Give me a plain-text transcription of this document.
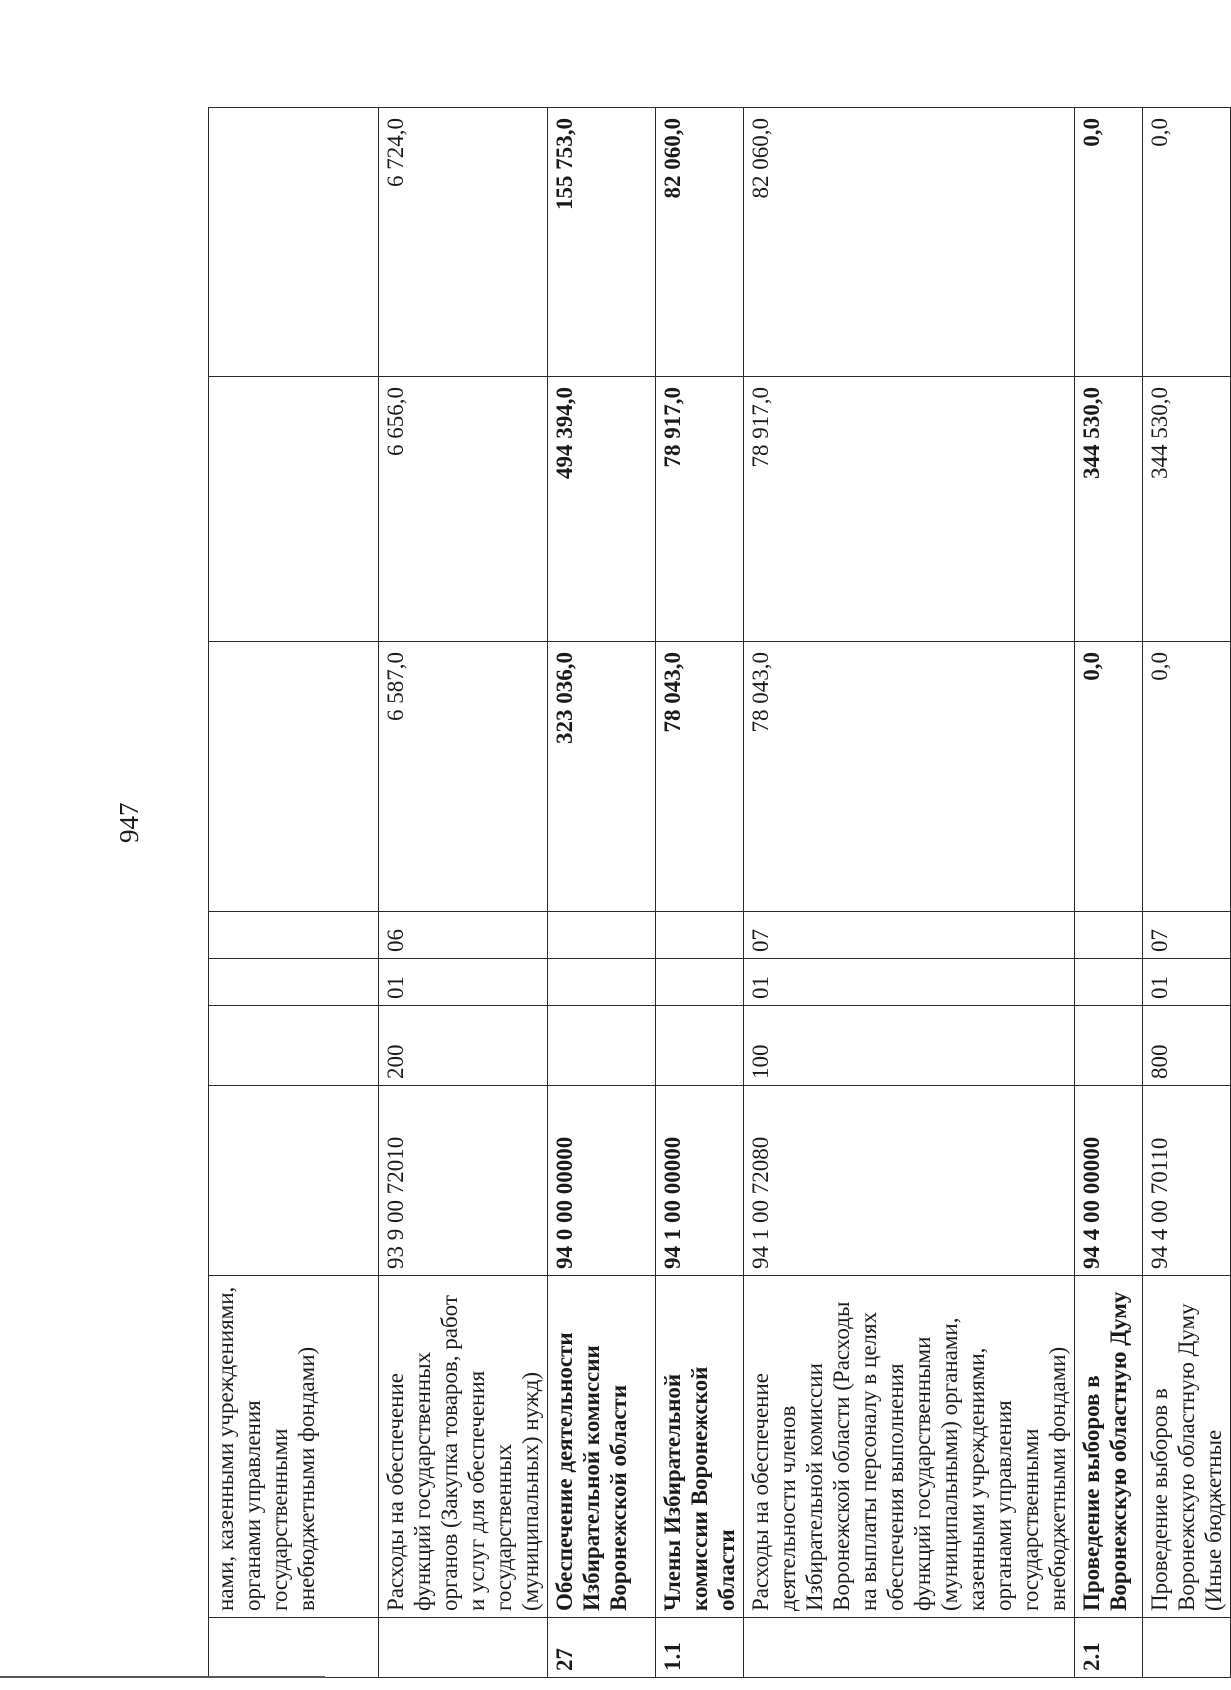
947
	нами, казенными учреждениями, органами управления государственными внебюджетными фондами)							
	Расходы на обеспечение функций государственных органов (Закупка товаров, работ и услуг для обеспечения государственных (муниципальных) нужд)	93 9 00 72010	200	01	06	6 587,0	6 656,0	6 724,0
27	Обеспечение деятельности Избирательной комиссии Воронежской области	94 0 00 00000				323 036,0	494 394,0	155 753,0
1.1	Члены Избирательной комиссии Воронежской области	94 1 00 00000				78 043,0	78 917,0	82 060,0
	Расходы на обеспечение деятельности членов Избирательной комиссии Воронежской области (Расходы на выплаты персоналу в целях обеспечения выполнения функций государственными (муниципальными) органами, казенными учреждениями, органами управления государственными внебюджетными фондами)	94 1 00 72080	100	01	07	78 043,0	78 917,0	82 060,0
2.1	Проведение выборов в Воронежскую областную Думу	94 4 00 00000				0,0	344 530,0	0,0
	Проведение выборов в Воронежскую областную Думу (Иные бюджетные	94 4 00 70110	800	01	07	0,0	344 530,0	0,0
